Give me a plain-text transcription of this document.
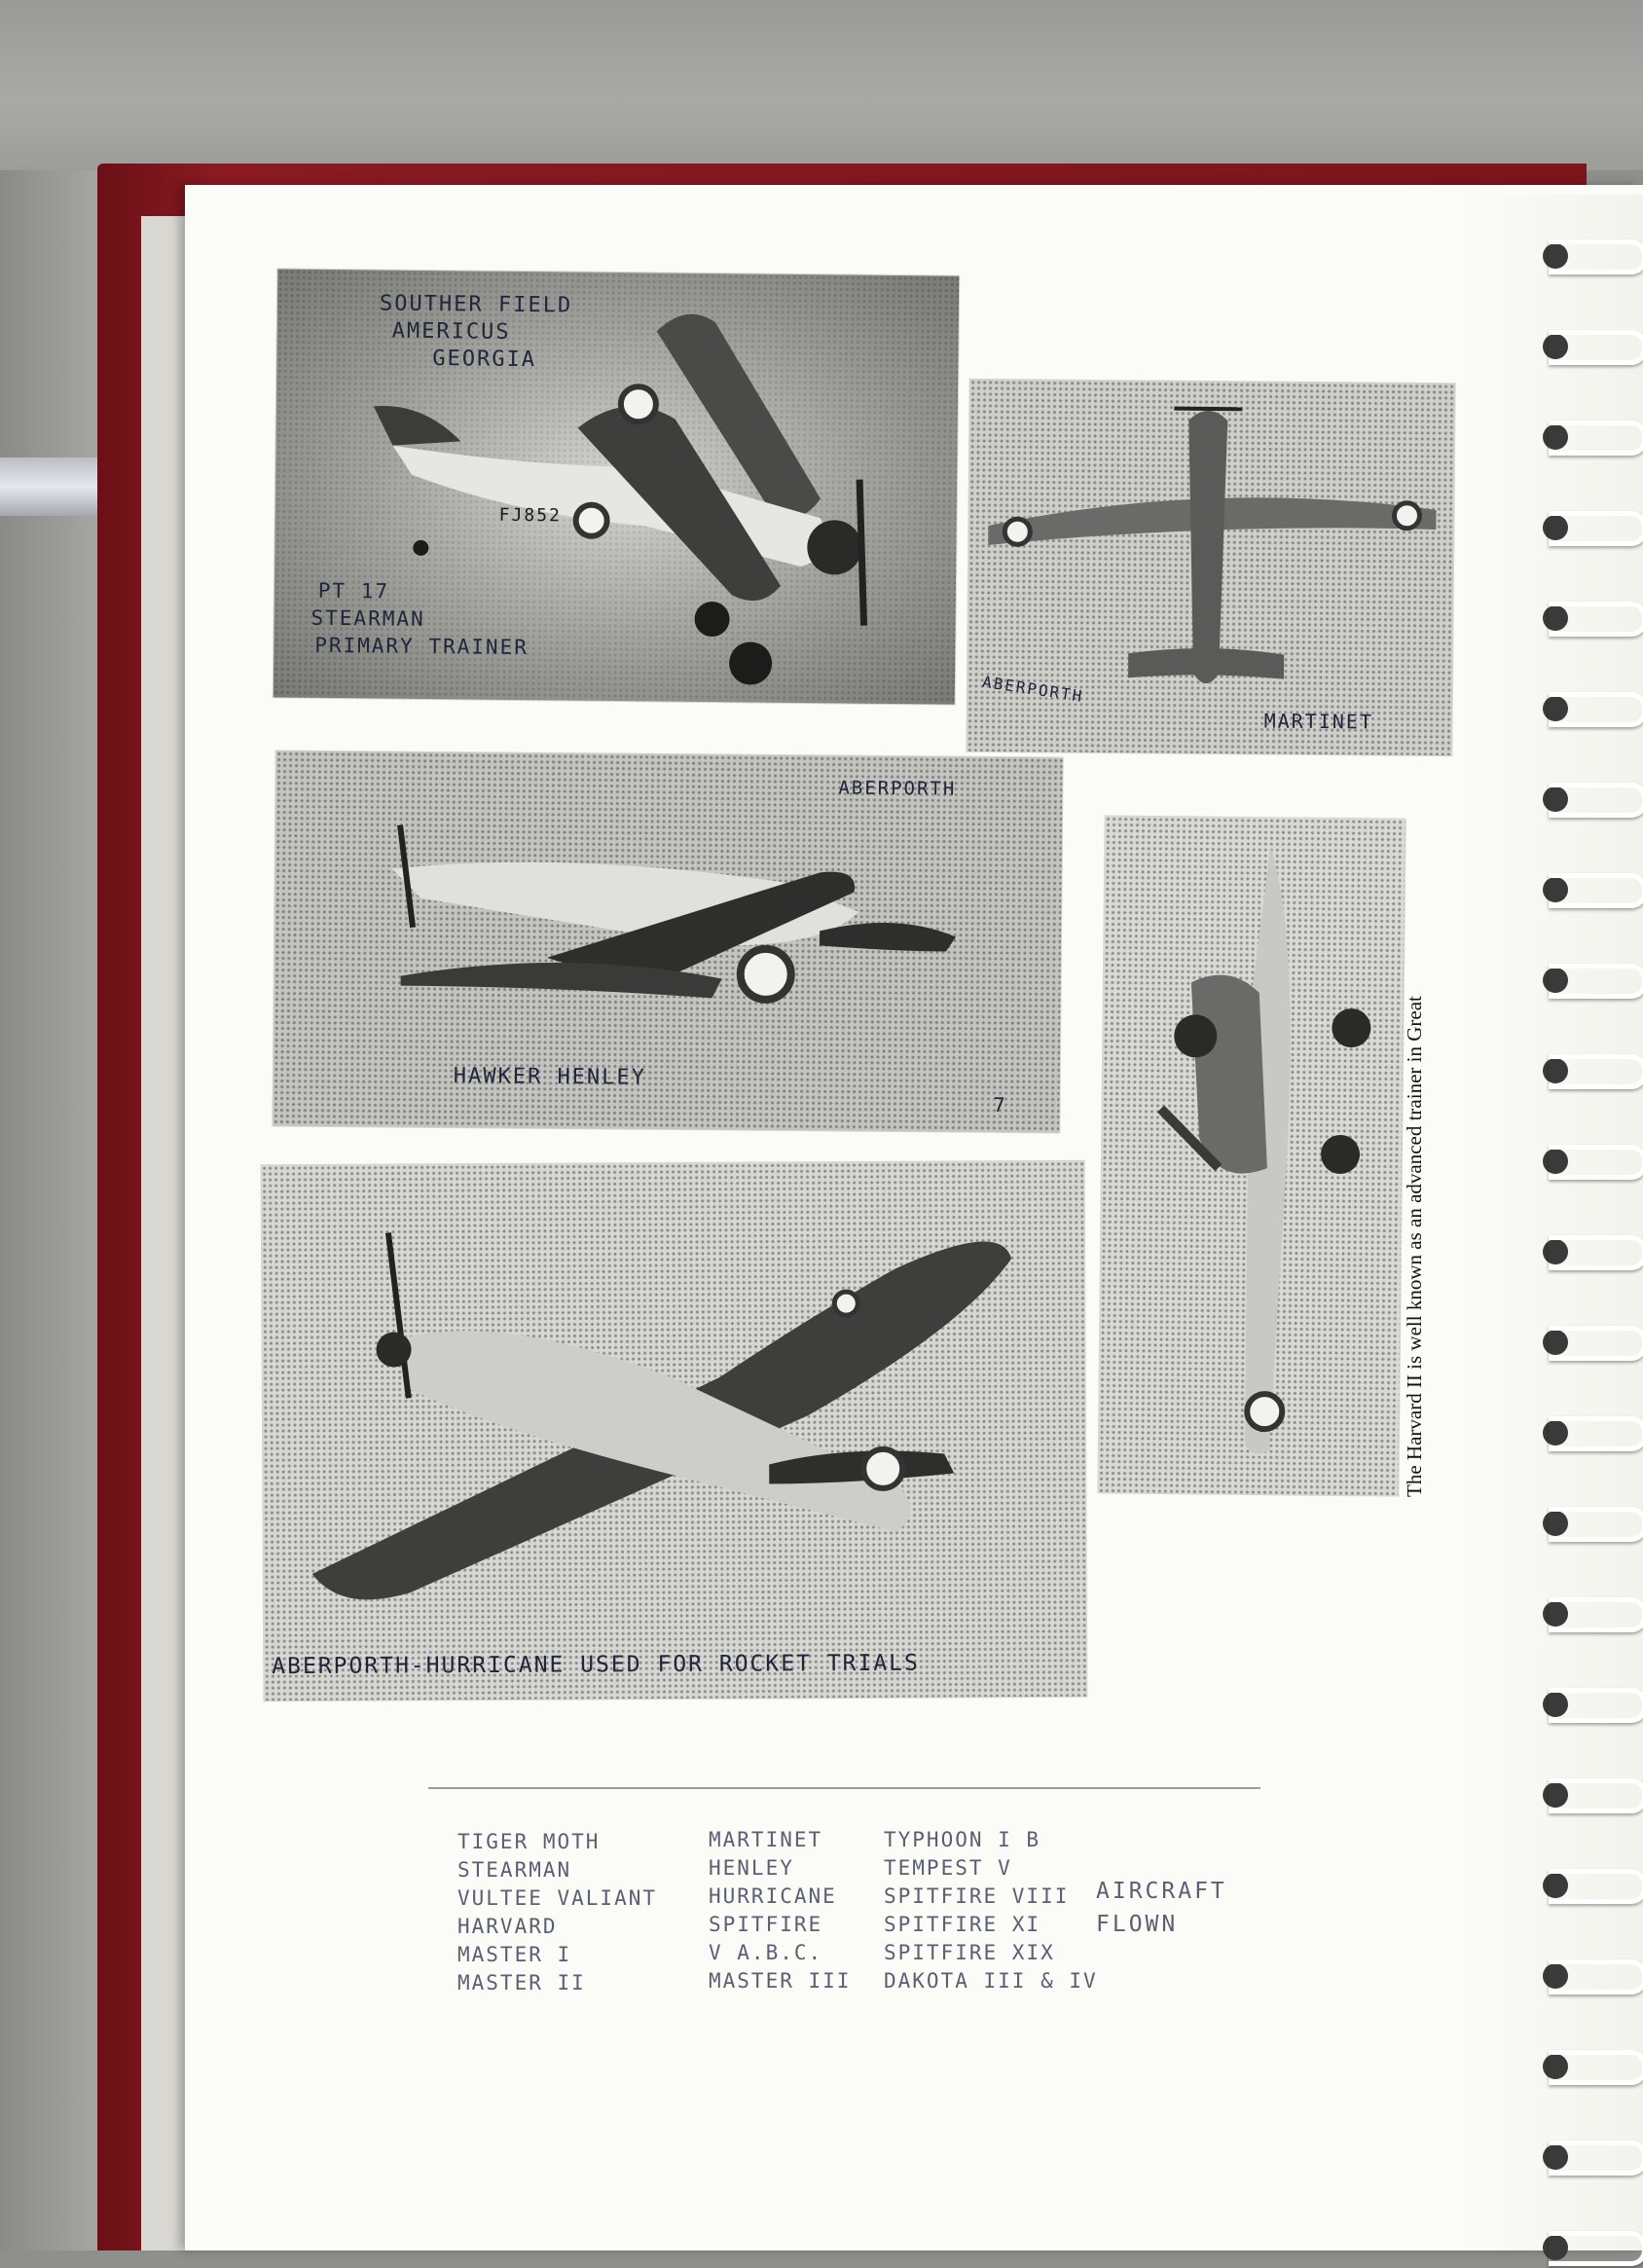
SOUTHER FIELD
AMERICUS
GEORGIA
FJ852
PT 17
STEARMAN
PRIMARY TRAINER
ABERPORTH
MARTINET
ABERPORTH
HAWKER HENLEY
7	The Harvard II is well known as an advanced trainer in Great
ABERPORTH-HURRICANE USED FOR ROCKET TRIALS
TIGER MOTH
STEARMAN
VULTEE VALIANT
HARVARD
MASTER I
MASTER II
MARTINET
HENLEY
HURRICANE
SPITFIRE
V A.B.C.
MASTER III
TYPHOON I B
TEMPEST V
SPITFIRE VIII
SPITFIRE XI
SPITFIRE XIX
DAKOTA III & IV
AIRCRAFT
FLOWN
